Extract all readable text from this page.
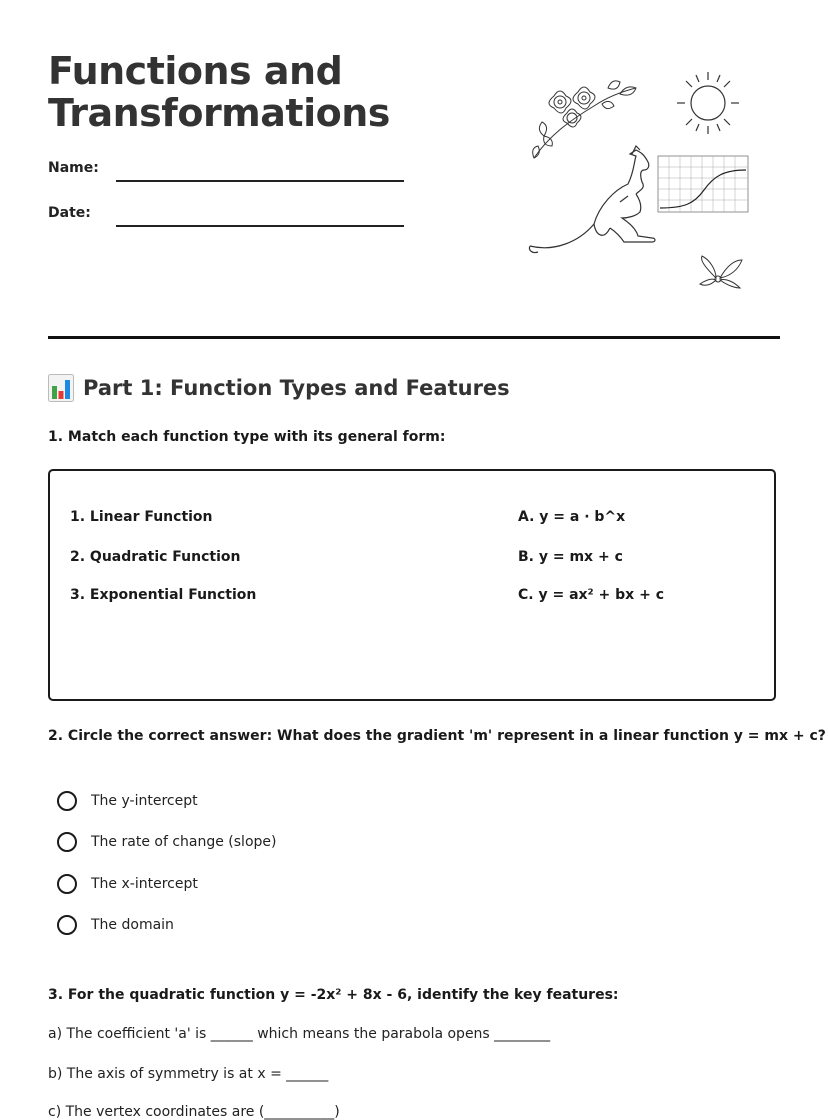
Functions and
Transformations
Name:
Date:
Part 1: Function Types and Features

1. Match each function type with its general form:

1. Linear Function
2. Quadratic Function
3. Exponential Function
A. y = a · b^x
B. y = mx + c
C. y = ax² + bx + c

2. Circle the correct answer: What does the gradient 'm' represent in a linear function y = mx + c?

The y-intercept
The rate of change (slope)
The x-intercept
The domain

3. For the quadratic function y = -2x² + 8x - 6, identify the key features:

a) The coefficient 'a' is ______ which means the parabola opens ________
b) The axis of symmetry is at x = ______
c) The vertex coordinates are (__________)
